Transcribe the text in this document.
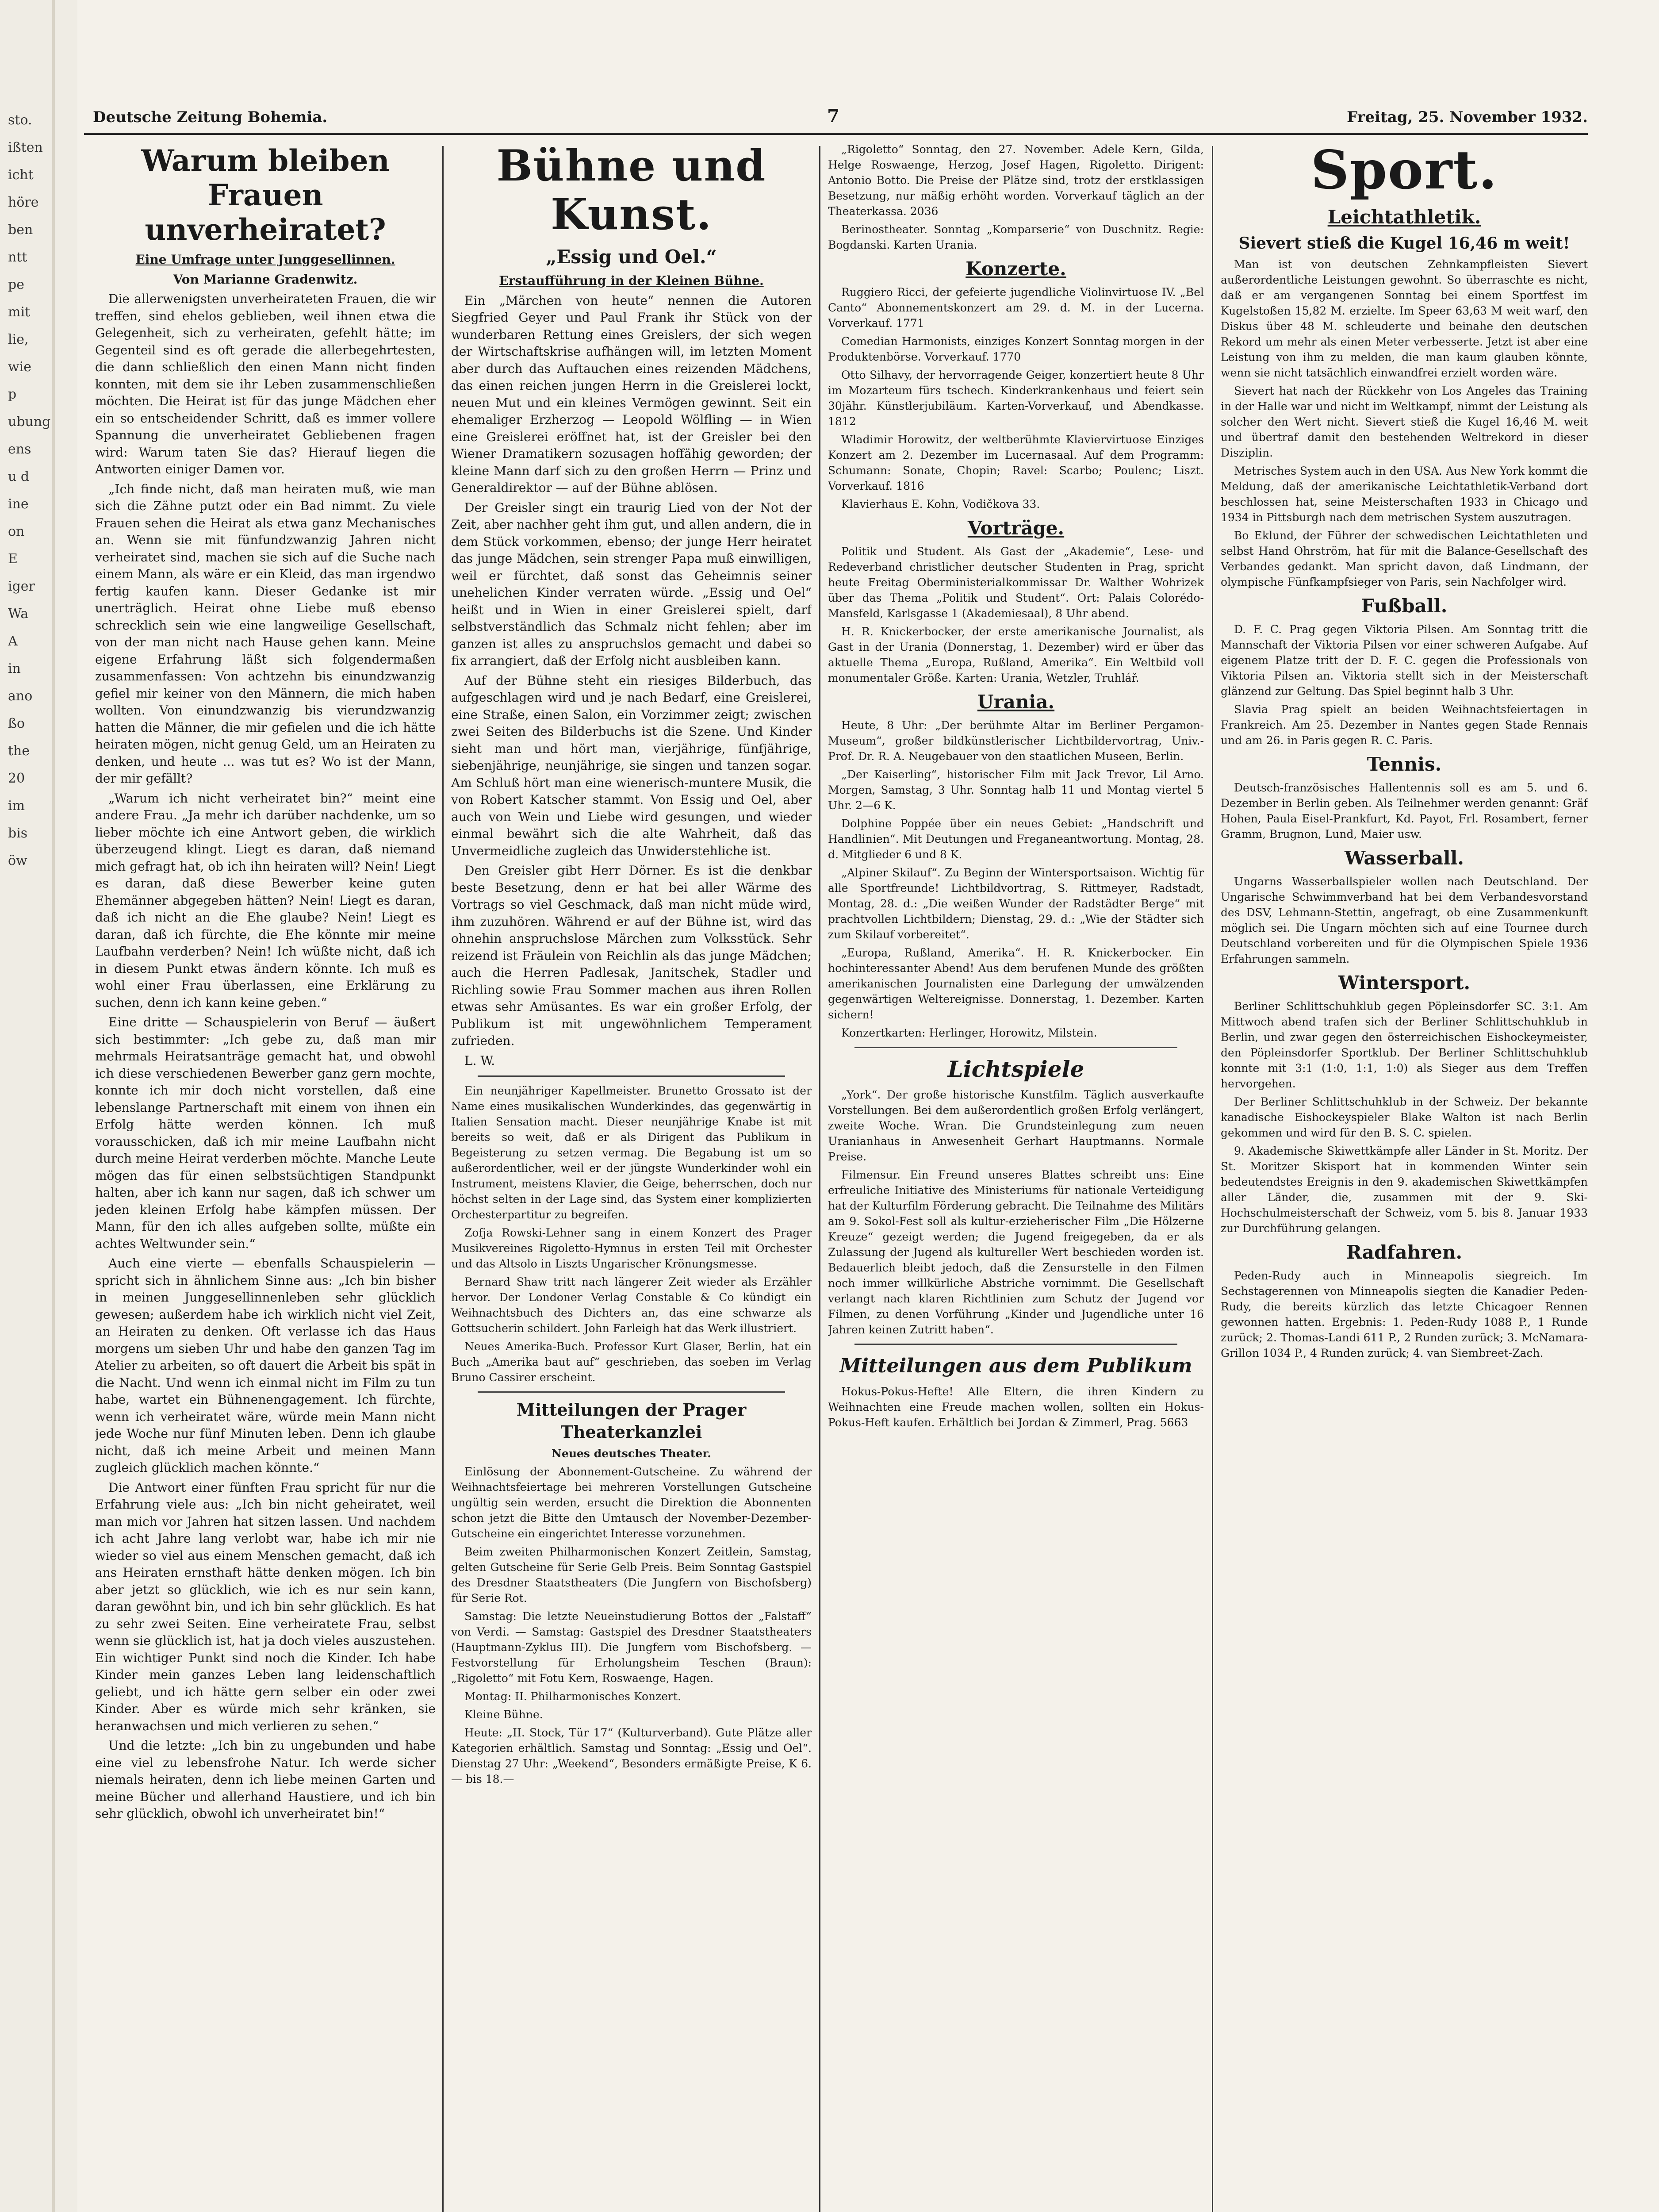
sto.
ißten
icht
höre
ben
ntt
pe
mit
lie,
wie
p
ubung
ens
u d
ine
on
E
iger
Wa
A
in
ano
ßo
the
20
im
bis
öw
Deutsche Zeitung Bohemia.	7	Freitag, 25. November 1932.
Warum bleiben Frauen unverheiratet?

Eine Umfrage unter Junggesellinnen.

Von Marianne Gradenwitz.

Die allerwenigsten unverheirateten Frauen, die wir treffen, sind ehelos geblieben, weil ihnen etwa die Gelegenheit, sich zu verheiraten, gefehlt hätte; im Gegenteil sind es oft gerade die allerbegehrtesten, die dann schließlich den einen Mann nicht finden konnten, mit dem sie ihr Leben zusammenschließen möchten. Die Heirat ist für das junge Mädchen eher ein so entscheidender Schritt, daß es immer vollere Spannung die unverheiratet Gebliebenen fragen wird: Warum taten Sie das? Hierauf liegen die Antworten einiger Damen vor.

„Ich finde nicht, daß man heiraten muß, wie man sich die Zähne putzt oder ein Bad nimmt. Zu viele Frauen sehen die Heirat als etwa ganz Mechanisches an. Wenn sie mit fünfundzwanzig Jahren nicht verheiratet sind, machen sie sich auf die Suche nach einem Mann, als wäre er ein Kleid, das man irgendwo fertig kaufen kann. Dieser Gedanke ist mir unerträglich. Heirat ohne Liebe muß ebenso schrecklich sein wie eine langweilige Gesellschaft, von der man nicht nach Hause gehen kann. Meine eigene Erfahrung läßt sich folgendermaßen zusammenfassen: Von achtzehn bis einundzwanzig gefiel mir keiner von den Männern, die mich haben wollten. Von einundzwanzig bis vierundzwanzig hatten die Männer, die mir gefielen und die ich hätte heiraten mögen, nicht genug Geld, um an Heiraten zu denken, und heute ... was tut es? Wo ist der Mann, der mir gefällt?

„Warum ich nicht verheiratet bin?“ meint eine andere Frau. „Ja mehr ich darüber nachdenke, um so lieber möchte ich eine Antwort geben, die wirklich überzeugend klingt. Liegt es daran, daß niemand mich gefragt hat, ob ich ihn heiraten will? Nein! Liegt es daran, daß diese Bewerber keine guten Ehemänner abgegeben hätten? Nein! Liegt es daran, daß ich nicht an die Ehe glaube? Nein! Liegt es daran, daß ich fürchte, die Ehe könnte mir meine Laufbahn verderben? Nein! Ich wüßte nicht, daß ich in diesem Punkt etwas ändern könnte. Ich muß es wohl einer Frau überlassen, eine Erklärung zu suchen, denn ich kann keine geben.“

Eine dritte — Schauspielerin von Beruf — äußert sich bestimmter: „Ich gebe zu, daß man mir mehrmals Heiratsanträge gemacht hat, und obwohl ich diese verschiedenen Bewerber ganz gern mochte, konnte ich mir doch nicht vorstellen, daß eine lebenslange Partnerschaft mit einem von ihnen ein Erfolg hätte werden können. Ich muß vorausschicken, daß ich mir meine Laufbahn nicht durch meine Heirat verderben möchte. Manche Leute mögen das für einen selbstsüchtigen Standpunkt halten, aber ich kann nur sagen, daß ich schwer um jeden kleinen Erfolg habe kämpfen müssen. Der Mann, für den ich alles aufgeben sollte, müßte ein achtes Weltwunder sein.“

Auch eine vierte — ebenfalls Schauspielerin — spricht sich in ähnlichem Sinne aus: „Ich bin bisher in meinen Junggesellinnenleben sehr glücklich gewesen; außerdem habe ich wirklich nicht viel Zeit, an Heiraten zu denken. Oft verlasse ich das Haus morgens um sieben Uhr und habe den ganzen Tag im Atelier zu arbeiten, so oft dauert die Arbeit bis spät in die Nacht. Und wenn ich einmal nicht im Film zu tun habe, wartet ein Bühnenengagement. Ich fürchte, wenn ich verheiratet wäre, würde mein Mann nicht jede Woche nur fünf Minuten leben. Denn ich glaube nicht, daß ich meine Arbeit und meinen Mann zugleich glücklich machen könnte.“

Die Antwort einer fünften Frau spricht für nur die Erfahrung viele aus: „Ich bin nicht geheiratet, weil man mich vor Jahren hat sitzen lassen. Und nachdem ich acht Jahre lang verlobt war, habe ich mir nie wieder so viel aus einem Menschen gemacht, daß ich ans Heiraten ernsthaft hätte denken mögen. Ich bin aber jetzt so glücklich, wie ich es nur sein kann, daran gewöhnt bin, und ich bin sehr glücklich. Es hat zu sehr zwei Seiten. Eine verheiratete Frau, selbst wenn sie glücklich ist, hat ja doch vieles auszustehen. Ein wichtiger Punkt sind noch die Kinder. Ich habe Kinder mein ganzes Leben lang leidenschaftlich geliebt, und ich hätte gern selber ein oder zwei Kinder. Aber es würde mich sehr kränken, sie heranwachsen und mich verlieren zu sehen.“

Und die letzte: „Ich bin zu ungebunden und habe eine viel zu lebensfrohe Natur. Ich werde sicher niemals heiraten, denn ich liebe meinen Garten und meine Bücher und allerhand Haustiere, und ich bin sehr glücklich, obwohl ich unverheiratet bin!“

Bühne und Kunst.
„Essig und Oel.“

Erstaufführung in der Kleinen Bühne.

Ein „Märchen von heute“ nennen die Autoren Siegfried Geyer und Paul Frank ihr Stück von der wunderbaren Rettung eines Greislers, der sich wegen der Wirtschaftskrise aufhängen will, im letzten Moment aber durch das Auftauchen eines reizenden Mädchens, das einen reichen jungen Herrn in die Greislerei lockt, neuen Mut und ein kleines Vermögen gewinnt. Seit ein ehemaliger Erzherzog — Leopold Wölfling — in Wien eine Greislerei eröffnet hat, ist der Greisler bei den Wiener Dramatikern sozusagen hoffähig geworden; der kleine Mann darf sich zu den großen Herrn — Prinz und Generaldirektor — auf der Bühne ablösen.

Der Greisler singt ein traurig Lied von der Not der Zeit, aber nachher geht ihm gut, und allen andern, die in dem Stück vorkommen, ebenso; der junge Herr heiratet das junge Mädchen, sein strenger Papa muß einwilligen, weil er fürchtet, daß sonst das Geheimnis seiner unehelichen Kinder verraten würde. „Essig und Oel“ heißt und in Wien in einer Greislerei spielt, darf selbstverständlich das Schmalz nicht fehlen; aber im ganzen ist alles zu anspruchslos gemacht und dabei so fix arrangiert, daß der Erfolg nicht ausbleiben kann.

Auf der Bühne steht ein riesiges Bilderbuch, das aufgeschlagen wird und je nach Bedarf, eine Greislerei, eine Straße, einen Salon, ein Vorzimmer zeigt; zwischen zwei Seiten des Bilderbuchs ist die Szene. Und Kinder sieht man und hört man, vierjährige, fünfjährige, siebenjährige, neunjährige, sie singen und tanzen sogar. Am Schluß hört man eine wienerisch-muntere Musik, die von Robert Katscher stammt. Von Essig und Oel, aber auch von Wein und Liebe wird gesungen, und wieder einmal bewährt sich die alte Wahrheit, daß das Unvermeidliche zugleich das Unwiderstehliche ist.

Den Greisler gibt Herr Dörner. Es ist die denkbar beste Besetzung, denn er hat bei aller Wärme des Vortrags so viel Geschmack, daß man nicht müde wird, ihm zuzuhören. Während er auf der Bühne ist, wird das ohnehin anspruchslose Märchen zum Volksstück. Sehr reizend ist Fräulein von Reichlin als das junge Mädchen; auch die Herren Padlesak, Janitschek, Stadler und Richling sowie Frau Sommer machen aus ihren Rollen etwas sehr Amüsantes. Es war ein großer Erfolg, der Publikum ist mit ungewöhnlichem Temperament zufrieden.

L. W.

Ein neunjähriger Kapellmeister. Brunetto Grossato ist der Name eines musikalischen Wunderkindes, das gegenwärtig in Italien Sensation macht. Dieser neunjährige Knabe ist mit bereits so weit, daß er als Dirigent das Publikum in Begeisterung zu setzen vermag. Die Begabung ist um so außerordentlicher, weil er der jüngste Wunderkinder wohl ein Instrument, meistens Klavier, die Geige, beherrschen, doch nur höchst selten in der Lage sind, das System einer komplizierten Orchesterpartitur zu begreifen.

Zofja Rowski-Lehner sang in einem Konzert des Prager Musikvereines Rigoletto-Hymnus in ersten Teil mit Orchester und das Altsolo in Liszts Ungarischer Krönungsmesse.

Bernard Shaw tritt nach längerer Zeit wieder als Erzähler hervor. Der Londoner Verlag Constable & Co kündigt ein Weihnachtsbuch des Dichters an, das eine schwarze als Gottsucherin schildert. John Farleigh hat das Werk illustriert.

Neues Amerika-Buch. Professor Kurt Glaser, Berlin, hat ein Buch „Amerika baut auf“ geschrieben, das soeben im Verlag Bruno Cassirer erscheint.

Mitteilungen der Prager Theaterkanzlei

Neues deutsches Theater.

Einlösung der Abonnement-Gutscheine. Zu während der Weihnachtsfeiertage bei mehreren Vorstellungen Gutscheine ungültig sein werden, ersucht die Direktion die Abonnenten schon jetzt die Bitte den Umtausch der November-Dezember-Gutscheine ein eingerichtet Interesse vorzunehmen.

Beim zweiten Philharmonischen Konzert Zeitlein, Samstag, gelten Gutscheine für Serie Gelb Preis. Beim Sonntag Gastspiel des Dresdner Staatstheaters (Die Jungfern von Bischofsberg) für Serie Rot.

Samstag: Die letzte Neueinstudierung Bottos der „Falstaff“ von Verdi. — Samstag: Gastspiel des Dresdner Staatstheaters (Hauptmann-Zyklus III). Die Jungfern vom Bischofsberg. — Festvorstellung für Erholungsheim Teschen (Braun): „Rigoletto“ mit Fotu Kern, Roswaenge, Hagen.

Montag: II. Philharmonisches Konzert.

Kleine Bühne.

Heute: „II. Stock, Tür 17“ (Kulturverband). Gute Plätze aller Kategorien erhältlich. Samstag und Sonntag: „Essig und Oel“. Dienstag 27 Uhr: „Weekend“, Besonders ermäßigte Preise, K 6.— bis 18.—

„Rigoletto“ Sonntag, den 27. November. Adele Kern, Gilda, Helge Roswaenge, Herzog, Josef Hagen, Rigoletto. Dirigent: Antonio Botto. Die Preise der Plätze sind, trotz der erstklassigen Besetzung, nur mäßig erhöht worden. Vorverkauf täglich an der Theaterkassa. 2036

Berinostheater. Sonntag „Komparserie“ von Duschnitz. Regie: Bogdanski. Karten Urania.

Konzerte.

Ruggiero Ricci, der gefeierte jugendliche Violinvirtuose IV. „Bel Canto“ Abonnementskonzert am 29. d. M. in der Lucerna. Vorverkauf. 1771

Comedian Harmonists, einziges Konzert Sonntag morgen in der Produktenbörse. Vorverkauf. 1770

Otto Silhavy, der hervorragende Geiger, konzertiert heute 8 Uhr im Mozarteum fürs tschech. Kinderkrankenhaus und feiert sein 30jähr. Künstlerjubiläum. Karten-Vorverkauf, und Abendkasse. 1812

Wladimir Horowitz, der weltberühmte Klaviervirtuose Einziges Konzert am 2. Dezember im Lucernasaal. Auf dem Programm: Schumann: Sonate, Chopin; Ravel: Scarbo; Poulenc; Liszt. Vorverkauf. 1816

Klavierhaus E. Kohn, Vodičkova 33.

Vorträge.

Politik und Student. Als Gast der „Akademie“, Lese- und Redeverband christlicher deutscher Studenten in Prag, spricht heute Freitag Oberministerialkommissar Dr. Walther Wohrizek über das Thema „Politik und Student“. Ort: Palais Colorédo-Mansfeld, Karlsgasse 1 (Akademiesaal), 8 Uhr abend.

H. R. Knickerbocker, der erste amerikanische Journalist, als Gast in der Urania (Donnerstag, 1. Dezember) wird er über das aktuelle Thema „Europa, Rußland, Amerika“. Ein Weltbild voll monumentaler Größe. Karten: Urania, Wetzler, Truhlář.

Urania.

Heute, 8 Uhr: „Der berühmte Altar im Berliner Pergamon-Museum“, großer bildkünstlerischer Lichtbildervortrag, Univ.-Prof. Dr. R. A. Neugebauer von den staatlichen Museen, Berlin.

„Der Kaiserling“, historischer Film mit Jack Trevor, Lil Arno. Morgen, Samstag, 3 Uhr. Sonntag halb 11 und Montag viertel 5 Uhr. 2—6 K.

Dolphine Poppée über ein neues Gebiet: „Handschrift und Handlinien“. Mit Deutungen und Freganeantwortung. Montag, 28. d. Mitglieder 6 und 8 K.

„Alpiner Skilauf“. Zu Beginn der Wintersportsaison. Wichtig für alle Sportfreunde! Lichtbildvortrag, S. Rittmeyer, Radstadt, Montag, 28. d.: „Die weißen Wunder der Radstädter Berge“ mit prachtvollen Lichtbildern; Dienstag, 29. d.: „Wie der Städter sich zum Skilauf vorbereitet“.

„Europa, Rußland, Amerika“. H. R. Knickerbocker. Ein hochinteressanter Abend! Aus dem berufenen Munde des größten amerikanischen Journalisten eine Darlegung der umwälzenden gegenwärtigen Weltereignisse. Donnerstag, 1. Dezember. Karten sichern!

Konzertkarten: Herlinger, Horowitz, Milstein.

Lichtspiele

„York“. Der große historische Kunstfilm. Täglich ausverkaufte Vorstellungen. Bei dem außerordentlich großen Erfolg verlängert, zweite Woche. Wran. Die Grundsteinlegung zum neuen Uranianhaus in Anwesenheit Gerhart Hauptmanns. Normale Preise.

Filmensur. Ein Freund unseres Blattes schreibt uns: Eine erfreuliche Initiative des Ministeriums für nationale Verteidigung hat der Kulturfilm Förderung gebracht. Die Teilnahme des Militärs am 9. Sokol-Fest soll als kultur-erzieherischer Film „Die Hölzerne Kreuze“ gezeigt werden; die Jugend freigegeben, da er als Zulassung der Jugend als kultureller Wert beschieden worden ist. Bedauerlich bleibt jedoch, daß die Zensurstelle in den Filmen noch immer willkürliche Abstriche vornimmt. Die Gesellschaft verlangt nach klaren Richtlinien zum Schutz der Jugend vor Filmen, zu denen Vorführung „Kinder und Jugendliche unter 16 Jahren keinen Zutritt haben“.

Mitteilungen aus dem Publikum

Hokus-Pokus-Hefte! Alle Eltern, die ihren Kindern zu Weihnachten eine Freude machen wollen, sollten ein Hokus-Pokus-Heft kaufen. Erhältlich bei Jordan & Zimmerl, Prag. 5663

Sport.
Leichtathletik.

Sievert stieß die Kugel 16,46 m weit!

Man ist von deutschen Zehnkampfleisten Sievert außerordentliche Leistungen gewohnt. So überraschte es nicht, daß er am vergangenen Sonntag bei einem Sportfest im Kugelstoßen 15,82 M. erzielte. Im Speer 63,63 M weit warf, den Diskus über 48 M. schleuderte und beinahe den deutschen Rekord um mehr als einen Meter verbesserte. Jetzt ist aber eine Leistung von ihm zu melden, die man kaum glauben könnte, wenn sie nicht tatsächlich einwandfrei erzielt worden wäre.

Sievert hat nach der Rückkehr von Los Angeles das Training in der Halle war und nicht im Weltkampf, nimmt der Leistung als solcher den Wert nicht. Sievert stieß die Kugel 16,46 M. weit und übertraf damit den bestehenden Weltrekord in dieser Disziplin.

Metrisches System auch in den USA. Aus New York kommt die Meldung, daß der amerikanische Leichtathletik-Verband dort beschlossen hat, seine Meisterschaften 1933 in Chicago und 1934 in Pittsburgh nach dem metrischen System auszutragen.

Bo Eklund, der Führer der schwedischen Leichtathleten und selbst Hand Ohrström, hat für mit die Balance-Gesellschaft des Verbandes gedankt. Man spricht davon, daß Lindmann, der olympische Fünfkampfsieger von Paris, sein Nachfolger wird.

Fußball.

D. F. C. Prag gegen Viktoria Pilsen. Am Sonntag tritt die Mannschaft der Viktoria Pilsen vor einer schweren Aufgabe. Auf eigenem Platze tritt der D. F. C. gegen die Professionals von Viktoria Pilsen an. Viktoria stellt sich in der Meisterschaft glänzend zur Geltung. Das Spiel beginnt halb 3 Uhr.

Slavia Prag spielt an beiden Weihnachtsfeiertagen in Frankreich. Am 25. Dezember in Nantes gegen Stade Rennais und am 26. in Paris gegen R. C. Paris.

Tennis.

Deutsch-französisches Hallentennis soll es am 5. und 6. Dezember in Berlin geben. Als Teilnehmer werden genannt: Gräf Hohen, Paula Eisel-Prankfurt, Kd. Payot, Frl. Rosambert, ferner Gramm, Brugnon, Lund, Maier usw.

Wasserball.

Ungarns Wasserballspieler wollen nach Deutschland. Der Ungarische Schwimmverband hat bei dem Verbandesvorstand des DSV, Lehmann-Stettin, angefragt, ob eine Zusammenkunft möglich sei. Die Ungarn möchten sich auf eine Tournee durch Deutschland vorbereiten und für die Olympischen Spiele 1936 Erfahrungen sammeln.

Wintersport.

Berliner Schlittschuhklub gegen Pöpleinsdorfer SC. 3:1. Am Mittwoch abend trafen sich der Berliner Schlittschuhklub in Berlin, und zwar gegen den österreichischen Eishockeymeister, den Pöpleinsdorfer Sportklub. Der Berliner Schlittschuhklub konnte mit 3:1 (1:0, 1:1, 1:0) als Sieger aus dem Treffen hervorgehen.

Der Berliner Schlittschuhklub in der Schweiz. Der bekannte kanadische Eishockeyspieler Blake Walton ist nach Berlin gekommen und wird für den B. S. C. spielen.

9. Akademische Skiwettkämpfe aller Länder in St. Moritz. Der St. Moritzer Skisport hat in kommenden Winter sein bedeutendstes Ereignis in den 9. akademischen Skiwettkämpfen aller Länder, die, zusammen mit der 9. Ski-Hochschulmeisterschaft der Schweiz, vom 5. bis 8. Januar 1933 zur Durchführung gelangen.

Radfahren.

Peden-Rudy auch in Minneapolis siegreich. Im Sechstagerennen von Minneapolis siegten die Kanadier Peden-Rudy, die bereits kürzlich das letzte Chicagoer Rennen gewonnen hatten. Ergebnis: 1. Peden-Rudy 1088 P., 1 Runde zurück; 2. Thomas-Landi 611 P., 2 Runden zurück; 3. McNamara-Grillon 1034 P., 4 Runden zurück; 4. van Siembreet-Zach.
